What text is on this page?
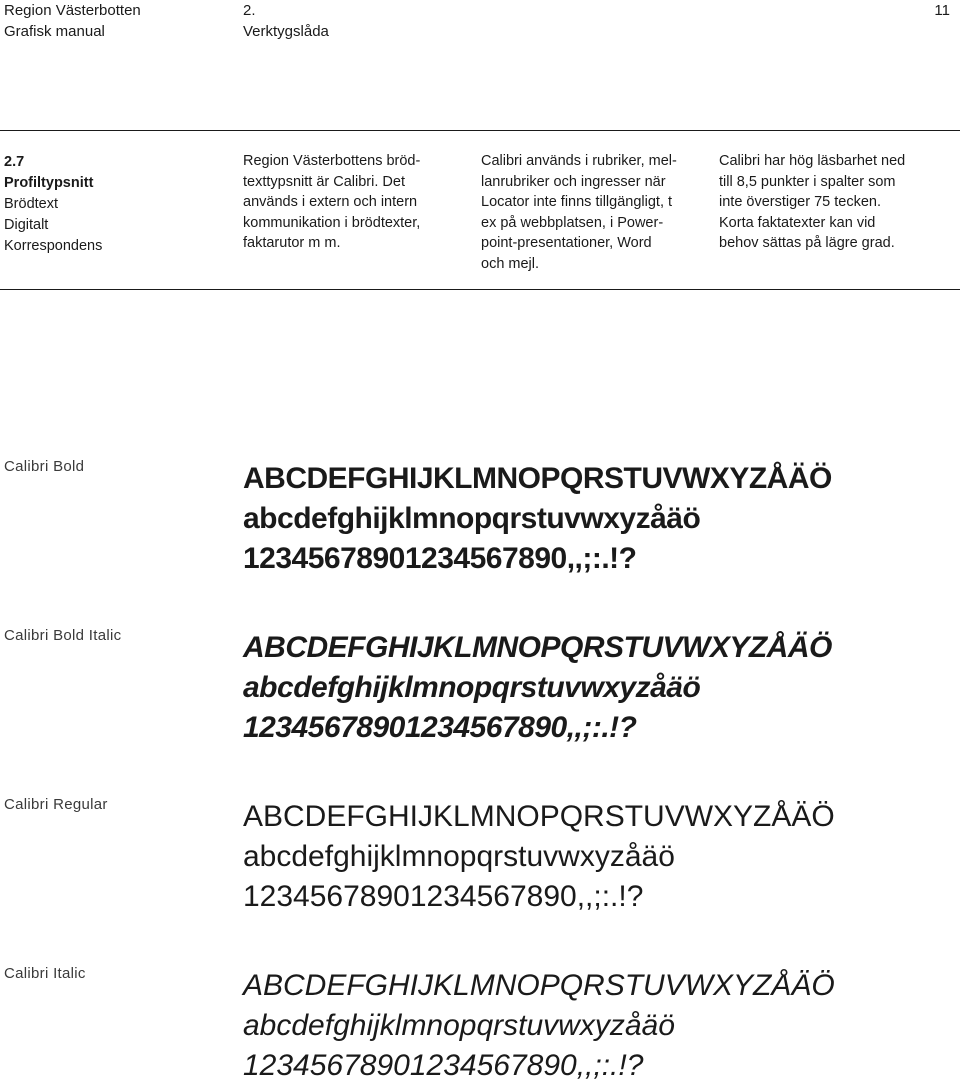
Region Västerbotten
Grafisk manual
2.
Verktygslåda
11
2.7
Profiltypsnitt
Brödtext
Digitalt
Korrespondens

Region Västerbottens bröd-

texttypsnitt är Calibri. Det

används i extern och intern

kommunikation i brödtexter,

faktarutor m m.

Calibri används i rubriker, mel-

lanrubriker och ingresser när

Locator inte finns tillgängligt, t

ex på webbplatsen, i Power-

point-presentationer, Word

och mejl.

Calibri har hög läsbarhet ned

till 8,5 punkter i spalter som

inte överstiger 75 tecken.

Korta faktatexter kan vid

behov sättas på lägre grad.

Calibri Bold	ABCDEFGHIJKLMNOPQRSTUVWXYZÅÄÖ
abcdefghijklmnopqrstuvwxyzåäö
12345678901234567890,,;:.!?
Calibri Bold Italic	ABCDEFGHIJKLMNOPQRSTUVWXYZÅÄÖ
abcdefghijklmnopqrstuvwxyzåäö
12345678901234567890,,;:.!?
Calibri Regular	ABCDEFGHIJKLMNOPQRSTUVWXYZÅÄÖ
abcdefghijklmnopqrstuvwxyzåäö
12345678901234567890,,;:.!?
Calibri Italic	ABCDEFGHIJKLMNOPQRSTUVWXYZÅÄÖ
abcdefghijklmnopqrstuvwxyzåäö
12345678901234567890,,;:.!?
